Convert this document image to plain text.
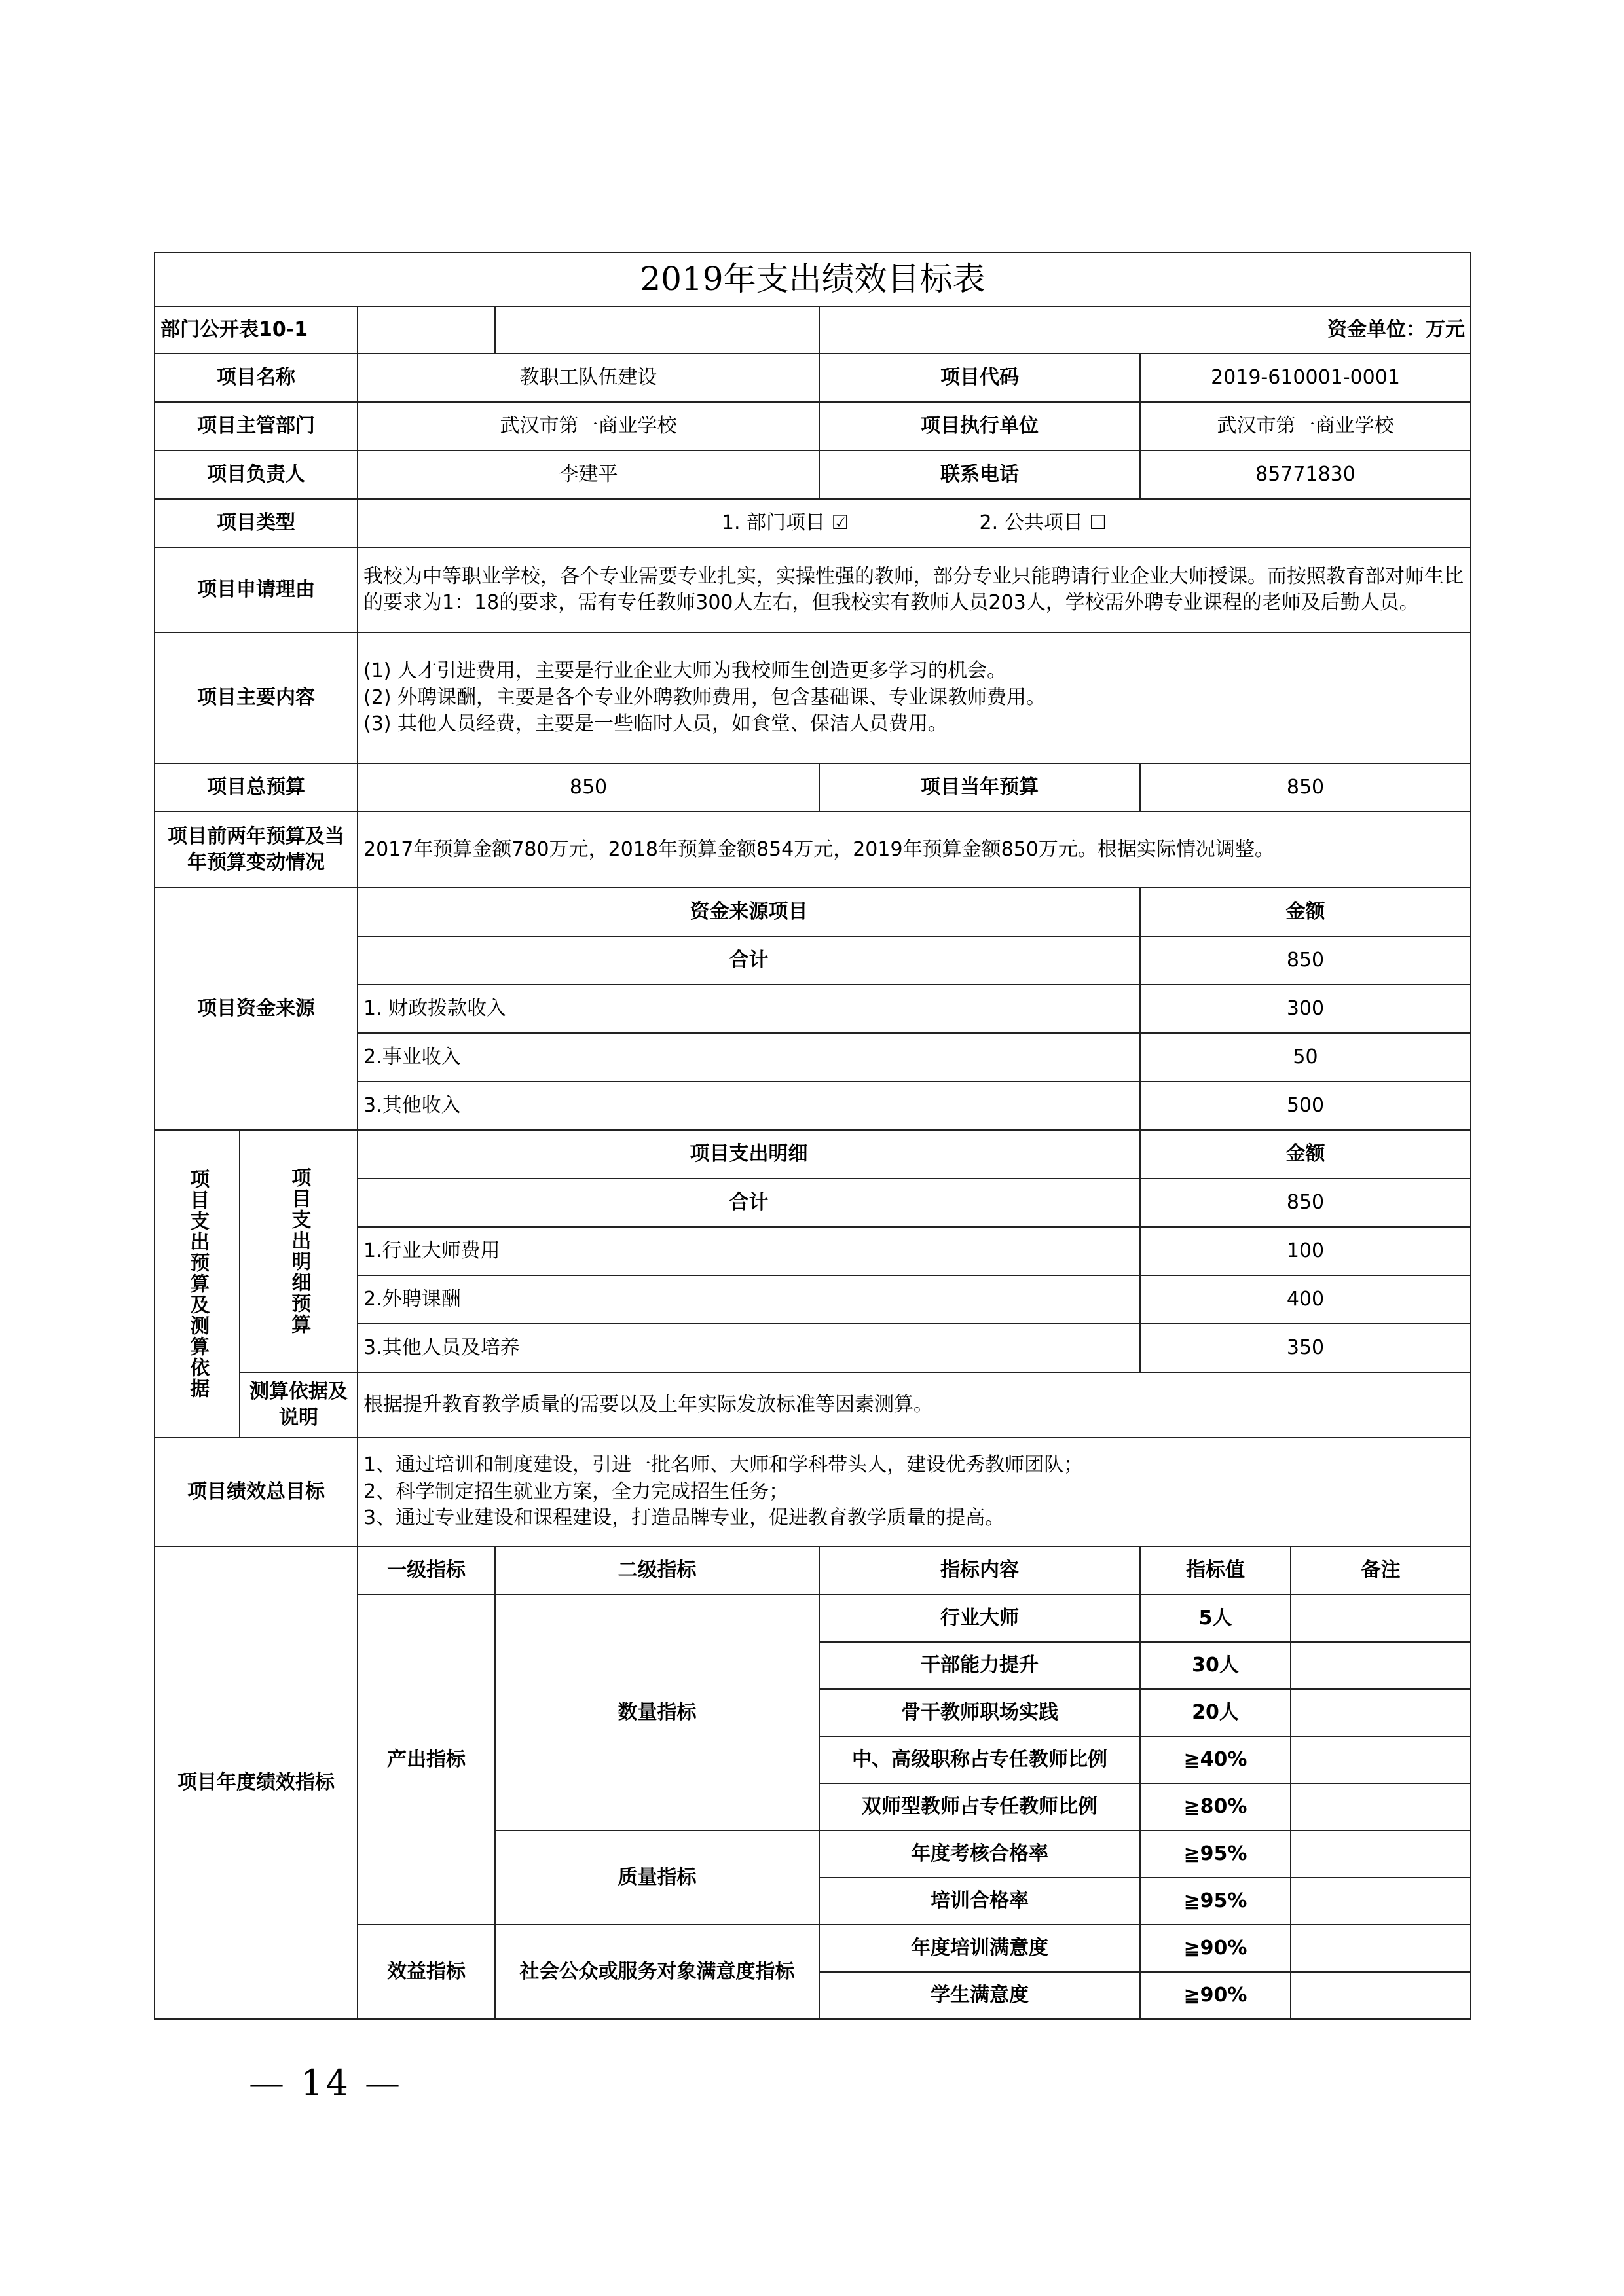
2019年支出绩效目标表						
部门公开表10-1				资金单位：万元		
项目名称		教职工队伍建设		项目代码	2019-610001-0001	
项目主管部门		武汉市第一商业学校		项目执行单位	武汉市第一商业学校	
项目负责人		李建平		联系电话	85771830	
项目类型		1. 部门项目 ☑ 2. 公共项目 ☐				
项目申请理由		我校为中等职业学校，各个专业需要专业扎实，实操性强的教师，部分专业只能聘请行业企业大师授课。而按照教育部对师生比的要求为1：18的要求，需有专任教师300人左右，但我校实有教师人员203人，学校需外聘专业课程的老师及后勤人员。				
项目主要内容		(1) 人才引进费用，主要是行业企业大师为我校师生创造更多学习的机会。
(2) 外聘课酬，主要是各个专业外聘教师费用，包含基础课、专业课教师费用。
(3) 其他人员经费，主要是一些临时人员，如食堂、保洁人员费用。				

项目总预算		850		项目当年预算	850	
项目前两年预算及当年预算变动情况		2017年预算金额780万元，2018年预算金额854万元，2019年预算金额850万元。根据实际情况调整。				
项目资金来源		资金来源项目			金额	
		合计			850	
		1. 财政拨款收入			300	
		2.事业收入			50	
		3.其他收入			500	
项目支出预算及测算依据	项目支出明细预算	项目支出明细			金额	
		合计			850	
		1.行业大师费用			100	
		2.外聘课酬			400	
		3.其他人员及培养			350	
	测算依据及说明	根据提升教育教学质量的需要以及上年实际发放标准等因素测算。				
项目绩效总目标		1、通过培训和制度建设，引进一批名师、大师和学科带头人，建设优秀教师团队；
2、科学制定招生就业方案，全力完成招生任务；
3、通过专业建设和课程建设，打造品牌专业，促进教育教学质量的提高。				

项目年度绩效指标		一级指标	二级指标	指标内容	指标值	备注
		产出指标	数量指标	行业大师	5人	
				干部能力提升	30人	
				骨干教师职场实践	20人	
				中、高级职称占专任教师比例	≧40%	
				双师型教师占专任教师比例	≧80%	
			质量指标	年度考核合格率	≧95%	
				培训合格率	≧95%	
		效益指标	社会公众或服务对象满意度指标	年度培训满意度	≧90%	
				学生满意度	≧90%	
— 14 —
